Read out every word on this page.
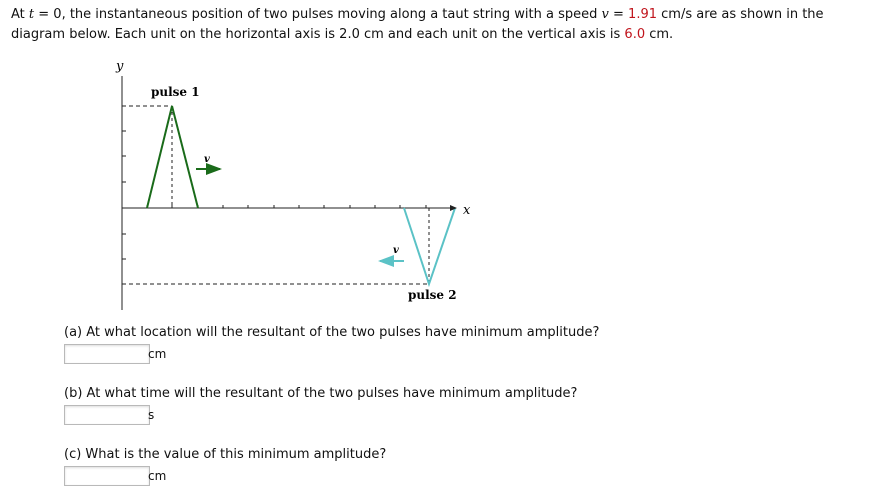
At t = 0, the instantaneous position of two pulses moving along a taut string with a speed v = 1.91 cm/s are as shown in the diagram below. Each unit on the horizontal axis is 2.0 cm and each unit on the vertical axis is 6.0 cm.
y
x
pulse 1
pulse 2
v
v
(a) At what location will the resultant of the two pulses have minimum amplitude?
cm
(b) At what time will the resultant of the two pulses have minimum amplitude?
s
(c) What is the value of this minimum amplitude?
cm
